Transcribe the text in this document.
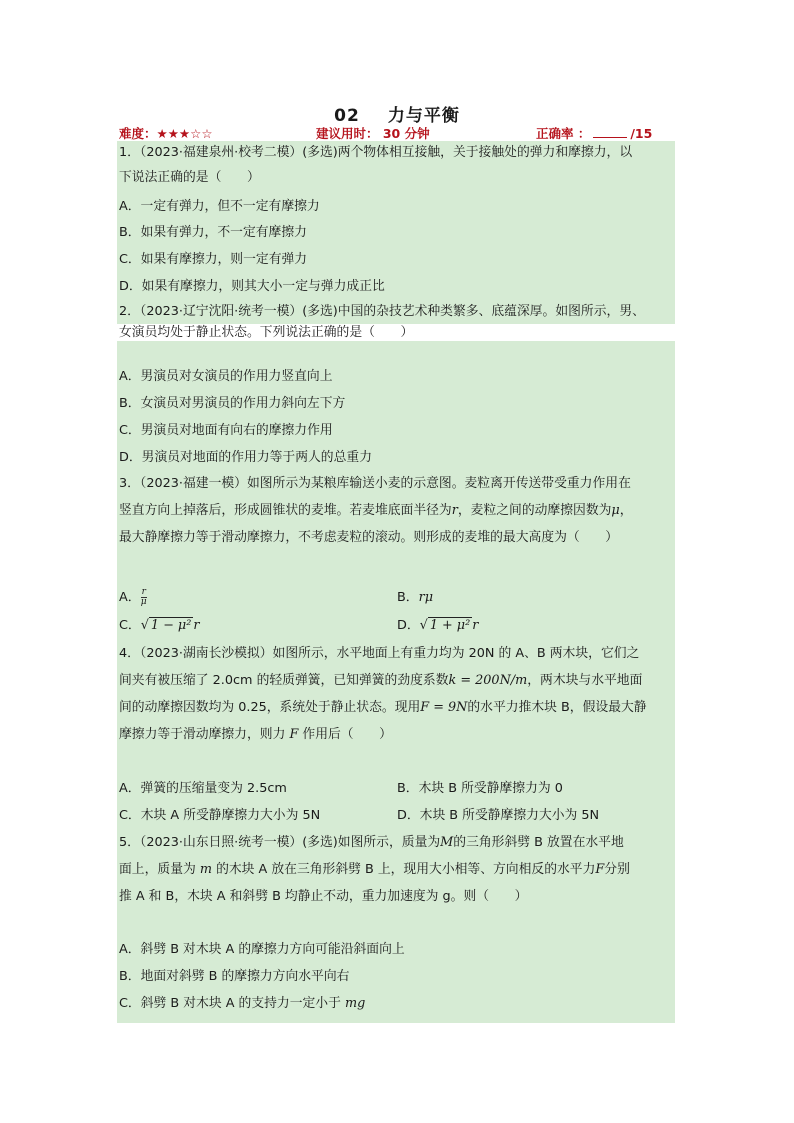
02 力与平衡
难度：★★★☆☆	建议用时： 30 分钟	正确率 ：	/15
1．（2023·福建泉州·校考二模）(多选)两个物体相互接触，关于接触处的弹力和摩擦力，以
下说法正确的是（　　）
A．一定有弹力，但不一定有摩擦力
B．如果有弹力，不一定有摩擦力
C．如果有摩擦力，则一定有弹力
D．如果有摩擦力，则其大小一定与弹力成正比
2．（2023·辽宁沈阳·统考一模）(多选)中国的杂技艺术种类繁多、底蕴深厚。如图所示，男、
女演员均处于静止状态。下列说法正确的是（　　）
A．男演员对女演员的作用力竖直向上
B．女演员对男演员的作用力斜向左下方
C．男演员对地面有向右的摩擦力作用
D．男演员对地面的作用力等于两人的总重力
3．（2023·福建一模）如图所示为某粮库输送小麦的示意图。麦粒离开传送带受重力作用在
竖直方向上掉落后，形成圆锥状的麦堆。若麦堆底面半径为r，麦粒之间的动摩擦因数为μ，
最大静摩擦力等于滑动摩擦力，不考虑麦粒的滚动。则形成的麦堆的最大高度为（　　）
A． $\frac{r}{\mu}$	B．rμ
C．√ 1 − μ² r	D．√ 1 + μ² r
4．（2023·湖南长沙模拟）如图所示，水平地面上有重力均为 20N 的 A、B 两木块，它们之
间夹有被压缩了 2.0cm 的轻质弹簧，已知弹簧的劲度系数k = 200N/m，两木块与水平地面
间的动摩擦因数均为 0.25，系统处于静止状态。现用F = 9N的水平力推木块 B，假设最大静
摩擦力等于滑动摩擦力，则力 F 作用后（　　）
A．弹簧的压缩量变为 2.5cm	B．木块 B 所受静摩擦力为 0
C．木块 A 所受静摩擦力大小为 5N	D．木块 B 所受静摩擦力大小为 5N
5．（2023·山东日照·统考一模）(多选)如图所示，质量为M的三角形斜劈 B 放置在水平地
面上，质量为 m 的木块 A 放在三角形斜劈 B 上，现用大小相等、方向相反的水平力F分别
推 A 和 B，木块 A 和斜劈 B 均静止不动，重力加速度为 g。则（　　）
A．斜劈 B 对木块 A 的摩擦力方向可能沿斜面向上
B．地面对斜劈 B 的摩擦力方向水平向右
C．斜劈 B 对木块 A 的支持力一定小于 mg
